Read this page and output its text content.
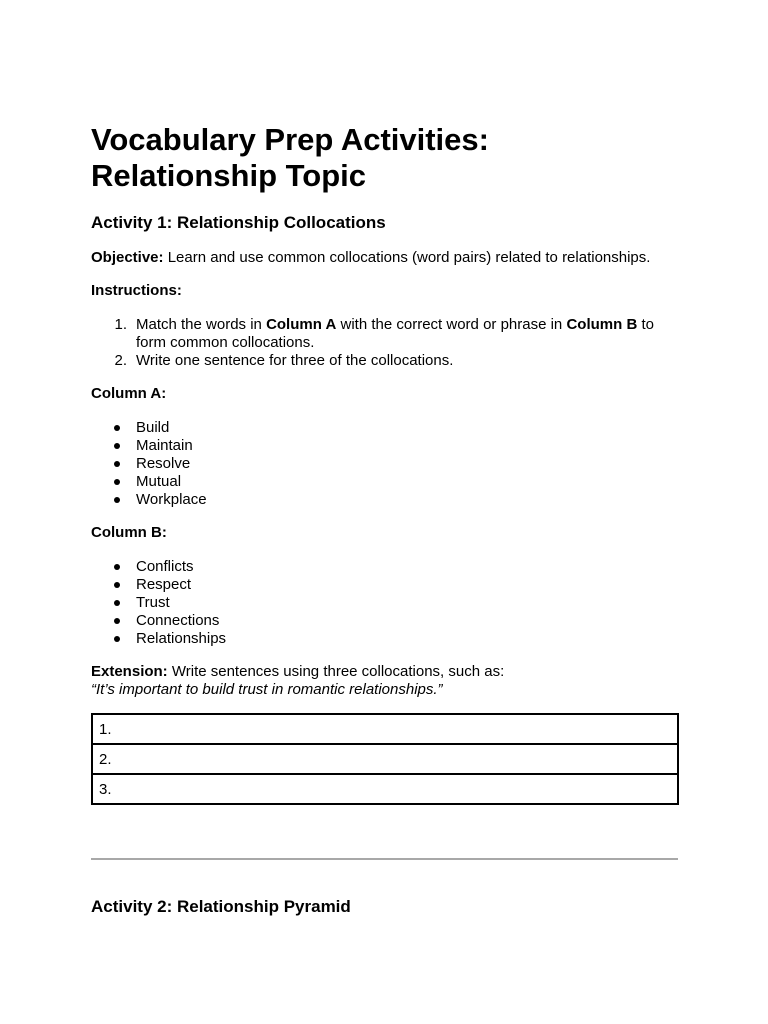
Vocabulary Prep Activities: Relationship Topic
Activity 1: Relationship Collocations

Objective: Learn and use common collocations (word pairs) related to relationships.

Instructions:

1. Match the words in Column A with the correct word or phrase in Column B to form common collocations.
2. Write one sentence for three of the collocations.

Column A:

Build
Maintain
Resolve
Mutual
Workplace

Column B:

Conflicts
Respect
Trust
Connections
Relationships

Extension: Write sentences using three collocations, such as:

“It’s important to build trust in romantic relationships.”

1.
2.
3.
Activity 2: Relationship Pyramid
